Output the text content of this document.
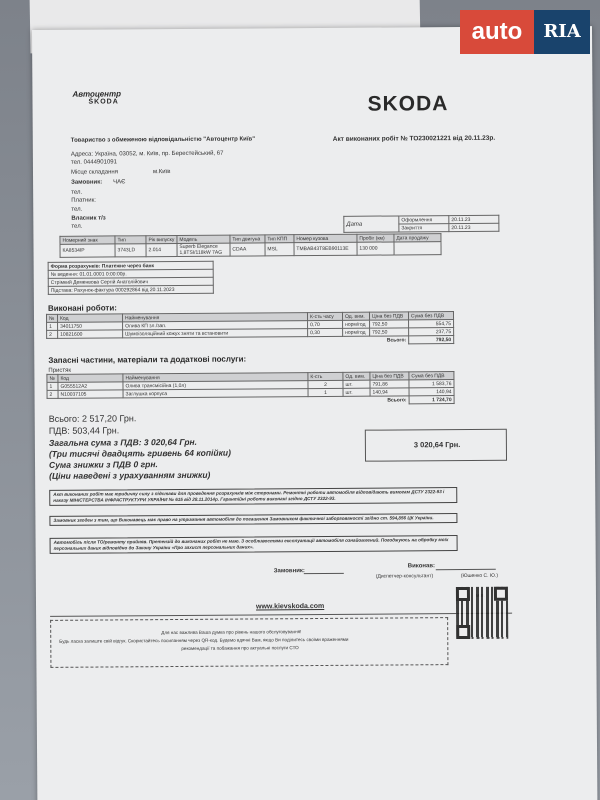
auto	RIA
Автоцентр
ŠKODA	SKODA
Товариство з обмеженою відповідальністю "Автоцентр Київ"	Акт виконаних робіт № ТО230021221 від 20.11.23р.
Адреса: Україна, 03052, м. Київ, пр. Берестейський, 67
тел. 0444901091
Місце складання	м.Київ
Замовник: ЧАЄ
тел.
Платник:
тел.
Власник т/з
тел.	Дата	Оформлення	20.11.23
	Закриття	20.11.23
Номерний знак	Тип	Рік випуску	Модель	Тип двигуна	Тип КПП	Номер кузова	Пробіг (км)	Дата продажу
КА8534ІР	3743LD	2.014	Superb Elegance 1,8TSI/118kW 7AG	CDAA	MSL	TMBAB43T8EB90113Е	130 000	
Форма розрахунків: Платежне через банк
№ ведення: 01.01.0001 0:00:00р.
Стрімкий Деменвова Сергій Анатолійович
Підстава: Рахунок-фактура 000292864 від 20.11.2023
Виконані роботи:
№	Код	Найменування	К-сть часу	Од. вим.	Ціна без ПДВ	Сума без ПДВ
1	34011750	Олива КП зл./зап.	0,70	норм/год	792,50	554,75
2	10821600	Шумоізоляційний кожух зняти та встановити	0,30	норм/год	792,50	237,75
					Всього:	792,50
Запасні частини, матеріали та додаткові послуги:
Пристяк
№	Код	Найменування	К-сть	Од. вим.	Ціна без ПДВ	Сума без ПДВ
1	G055512A2	Олива трансмісійна (1,0л)	2	шт.	791,86	1 583,76
2	N10037105	Заглушка корпуса	1	шт.	140,94	140,94
					Всього:	1 724,70
Всього: 2 517,20 Грн.
ПДВ: 503,44 Грн.
Загальна сума з ПДВ: 3 020,64 Грн.
(Три тисячі двадцять гривень 64 копійки)
Сума знижки з ПДВ 0 грн.
(Ціни наведені з урахуванням знижки)
3 020,64 Грн.
Акт виконаних робіт має юридичну силу з підстави для проведення розрахунків між сторонами. Ремонтні роботи автомобіля відповідають вимогам ДСТУ 2322-93 і наказу МІНІСТЕРСТВА ІНФРАСТРУКТУРИ УКРАЇНИ № 615 від 28.11.2014р. Гарантійні роботи виконані згідно ДСТУ 2322-93.
Замовник згоден з тим, що Виконавець має право на утримання автомобіля до погашення Замовником фактичної заборгованості згідно ст. 594,856 ЦК України.
Автомобіль після ТО/ремонту прийняв. Претензій до виконаних робіт не маю. З особливостями експлуатації автомобіля ознайомлений. Погоджуюсь на обробку моїх персональних даних відповідно до Закону України «Про захист персональних даних».
Замовник:
Виконав:
(Диспетчер-консультант)	(Юшенко С. Ю.)
www.kievskoda.com
Для нас важлива Ваша думка про рівень нашого обслуговування!
Будь ласка залиште свій відгук. Скористайтесь посиланням через QR-код. Будемо вдячні Вам, якщо Ви поділитесь своїми враженнями
рекомендації та побажання про актуальні послуги СТО
